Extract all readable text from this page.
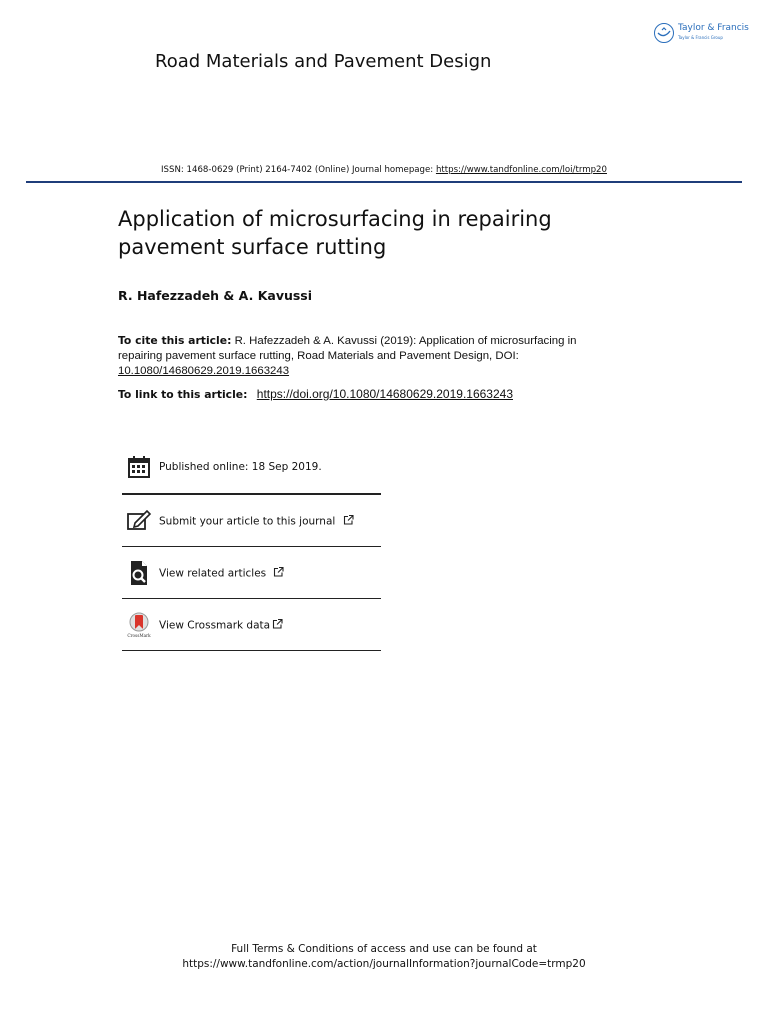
Taylor & Francis
Taylor & Francis Group
Road Materials and Pavement Design
ISSN: 1468-0629 (Print) 2164-7402 (Online) Journal homepage: https://www.tandfonline.com/loi/trmp20
Application of microsurfacing in repairing pavement surface rutting
R. Hafezzadeh & A. Kavussi
To cite this article: R. Hafezzadeh & A. Kavussi (2019): Application of microsurfacing in repairing pavement surface rutting, Road Materials and Pavement Design, DOI:
10.1080/14680629.2019.1663243
To link to this article: https://doi.org/10.1080/14680629.2019.1663243
Published online: 18 Sep 2019.
Submit your article to this journal
View related articles
CrossMark
View Crossmark data
Full Terms & Conditions of access and use can be found at
https://www.tandfonline.com/action/journalInformation?journalCode=trmp20
